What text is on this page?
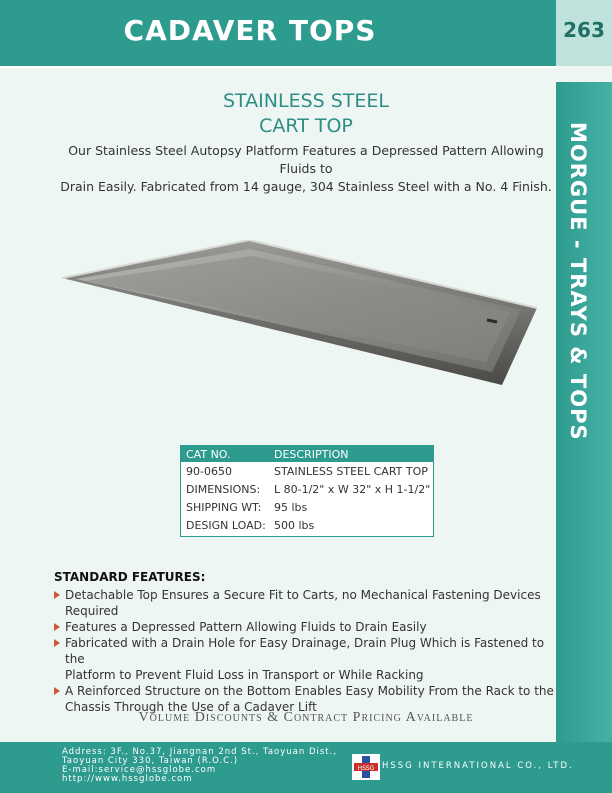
CADAVER TOPS	263
MORGUE - TRAYS & TOPS
STAINLESS STEEL
CART TOP
Our Stainless Steel Autopsy Platform Features a Depressed Pattern Allowing Fluids to
Drain Easily. Fabricated from 14 gauge, 304 Stainless Steel with a No. 4 Finish.
CAT NO.	DESCRIPTION
90-0650	STAINLESS STEEL CART TOP
DIMENSIONS: L 80-1/2" x W 32" x H 1-1/2"
SHIPPING WT: 95 lbs
DESIGN LOAD: 500 lbs
STANDARD FEATURES:
Detachable Top Ensures a Secure Fit to Carts, no Mechanical Fastening Devices Required
Features a Depressed Pattern Allowing Fluids to Drain Easily
Fabricated with a Drain Hole for Easy Drainage, Drain Plug Which is Fastened to the
Platform to Prevent Fluid Loss in Transport or While Racking
A Reinforced Structure on the Bottom Enables Easy Mobility From the Rack to the
Chassis Through the Use of a Cadaver Lift
Volume Discounts & Contract Pricing Available
Address: 3F., No.37, Jiangnan 2nd St., Taoyuan Dist.,
Taoyuan City 330, Taiwan (R.O.C.)
E-mail:service@hssglobe.com
http://www.hssglobe.com
HSSG HSSG INTERNATIONAL CO., LTD.
